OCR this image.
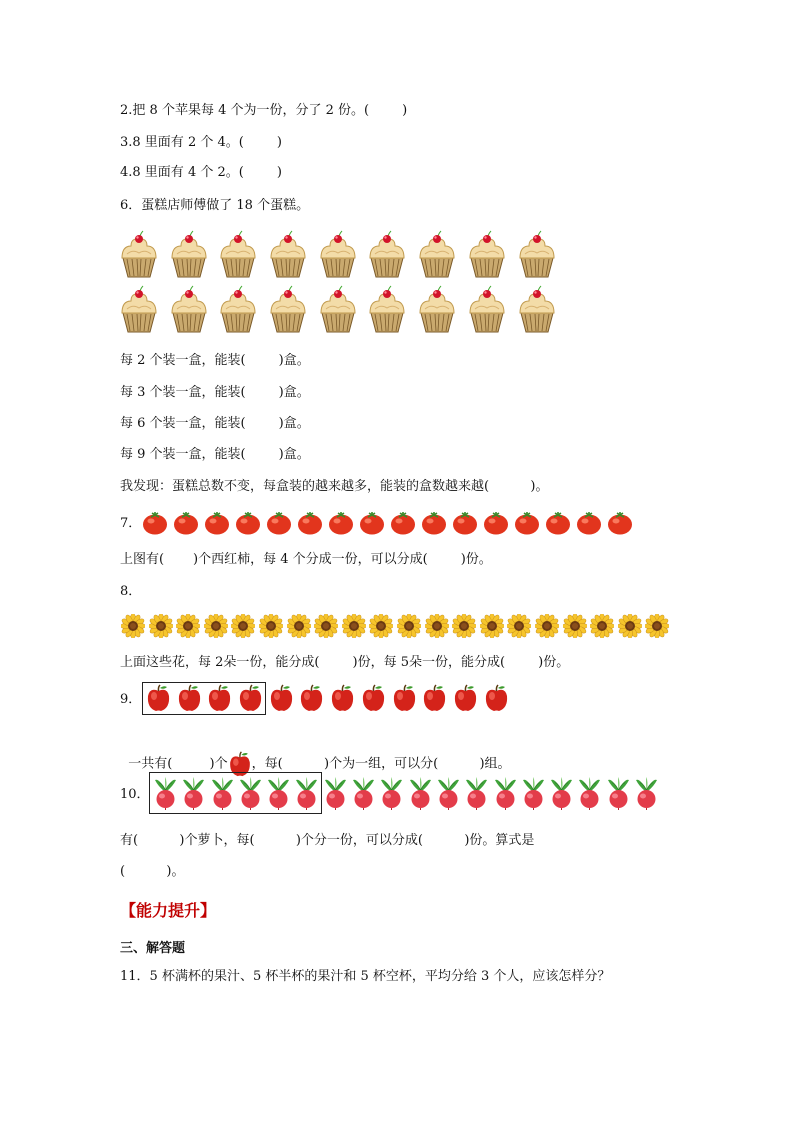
2.把 8 个苹果每 4 个为一份，分了 2 份。(        )
3.8 里面有 2 个 4。(        )
4.8 里面有 4 个 2。(        )
6．蛋糕店师傅做了 18 个蛋糕。
每 2 个装一盒，能装(        )盒。
每 3 个装一盒，能装(        )盒。
每 6 个装一盒，能装(        )盒。
每 9 个装一盒，能装(        )盒。
我发现：蛋糕总数不变，每盒装的越来越多，能装的盒数越来越(          )。
7．
上图有(       )个西红柿，每 4 个分成一份，可以分成(        )份。
8．
上面这些花，每 2朵一份，能分成(        )份，每 5朵一份，能分成(        )份。
9．

一共有(         )个 ，每(          )个为一组，可以分(          )组。

10．
有(          )个萝卜，每(          )个分一份，可以分成(          )份。算式是
(          )。
【能力提升】
三、解答题
11．5 杯满杯的果汁、5 杯半杯的果汁和 5 杯空杯，平均分给 3 个人，应该怎样分？
